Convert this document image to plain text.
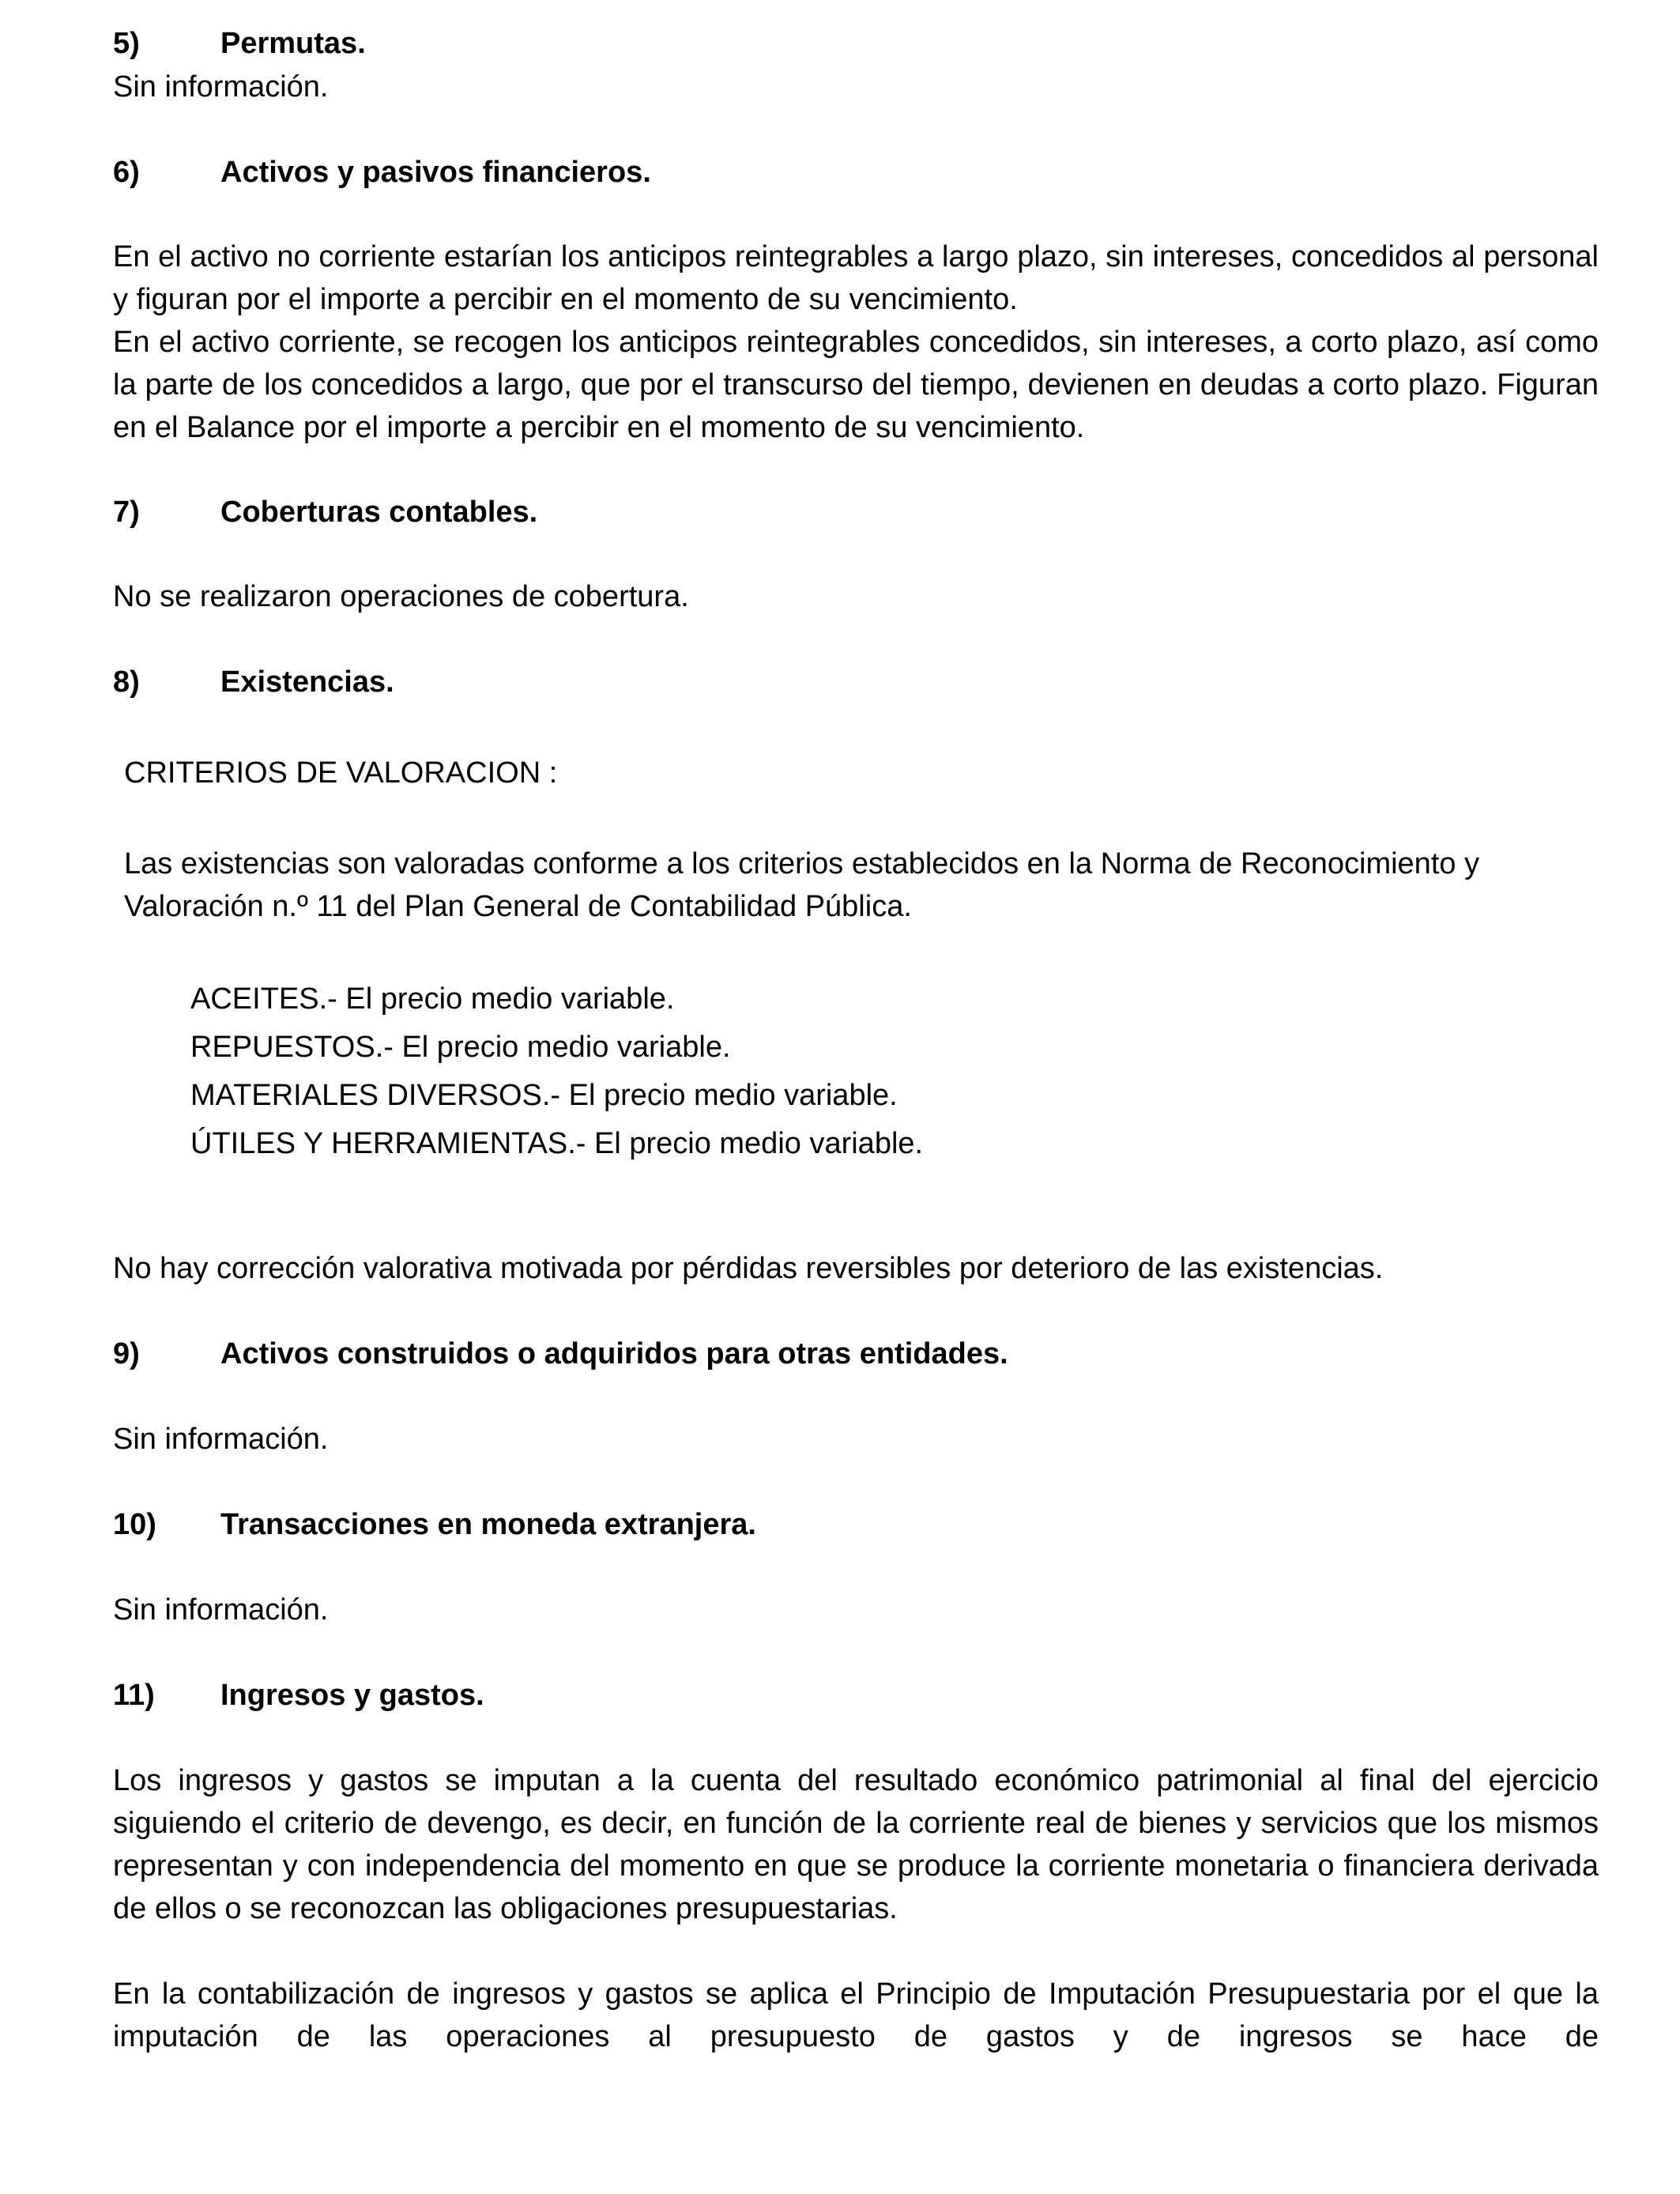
5)	Permutas.

Sin información.

6)	Activos y pasivos financieros.

En el activo no corriente estarían los anticipos reintegrables a largo plazo, sin intereses, concedidos al personal y figuran por el importe a percibir en el momento de su vencimiento.

En el activo corriente, se recogen los anticipos reintegrables concedidos, sin intereses, a corto plazo, así como la parte de los concedidos a largo, que por el transcurso del tiempo, devienen en deudas a corto plazo. Figuran en el Balance por el importe a percibir en el momento de su vencimiento.

7)	Coberturas contables.

No se realizaron operaciones de cobertura.

8)	Existencias.

CRITERIOS DE VALORACION :

Las existencias son valoradas conforme a los criterios establecidos en la Norma de Reconocimiento y Valoración n.º 11 del Plan General de Contabilidad Pública.

ACEITES.- El precio medio variable.

REPUESTOS.- El precio medio variable.

MATERIALES DIVERSOS.- El precio medio variable.

ÚTILES Y HERRAMIENTAS.- El precio medio variable.

No hay corrección valorativa motivada por pérdidas reversibles por deterioro de las existencias.

9)	Activos construidos o adquiridos para otras entidades.

Sin información.

10)	Transacciones en moneda extranjera.

Sin información.

11)	Ingresos y gastos.

Los ingresos y gastos se imputan a la cuenta del resultado económico patrimonial al final del ejercicio siguiendo el criterio de devengo, es decir, en función de la corriente real de bienes y servicios que los mismos representan y con independencia del momento en que se produce la corriente monetaria o financiera derivada de ellos o se reconozcan las obligaciones presupuestarias.

En la contabilización de ingresos y gastos se aplica el Principio de Imputación Presupuestaria por el que la imputación de las operaciones al presupuesto de gastos y de ingresos se hace de
